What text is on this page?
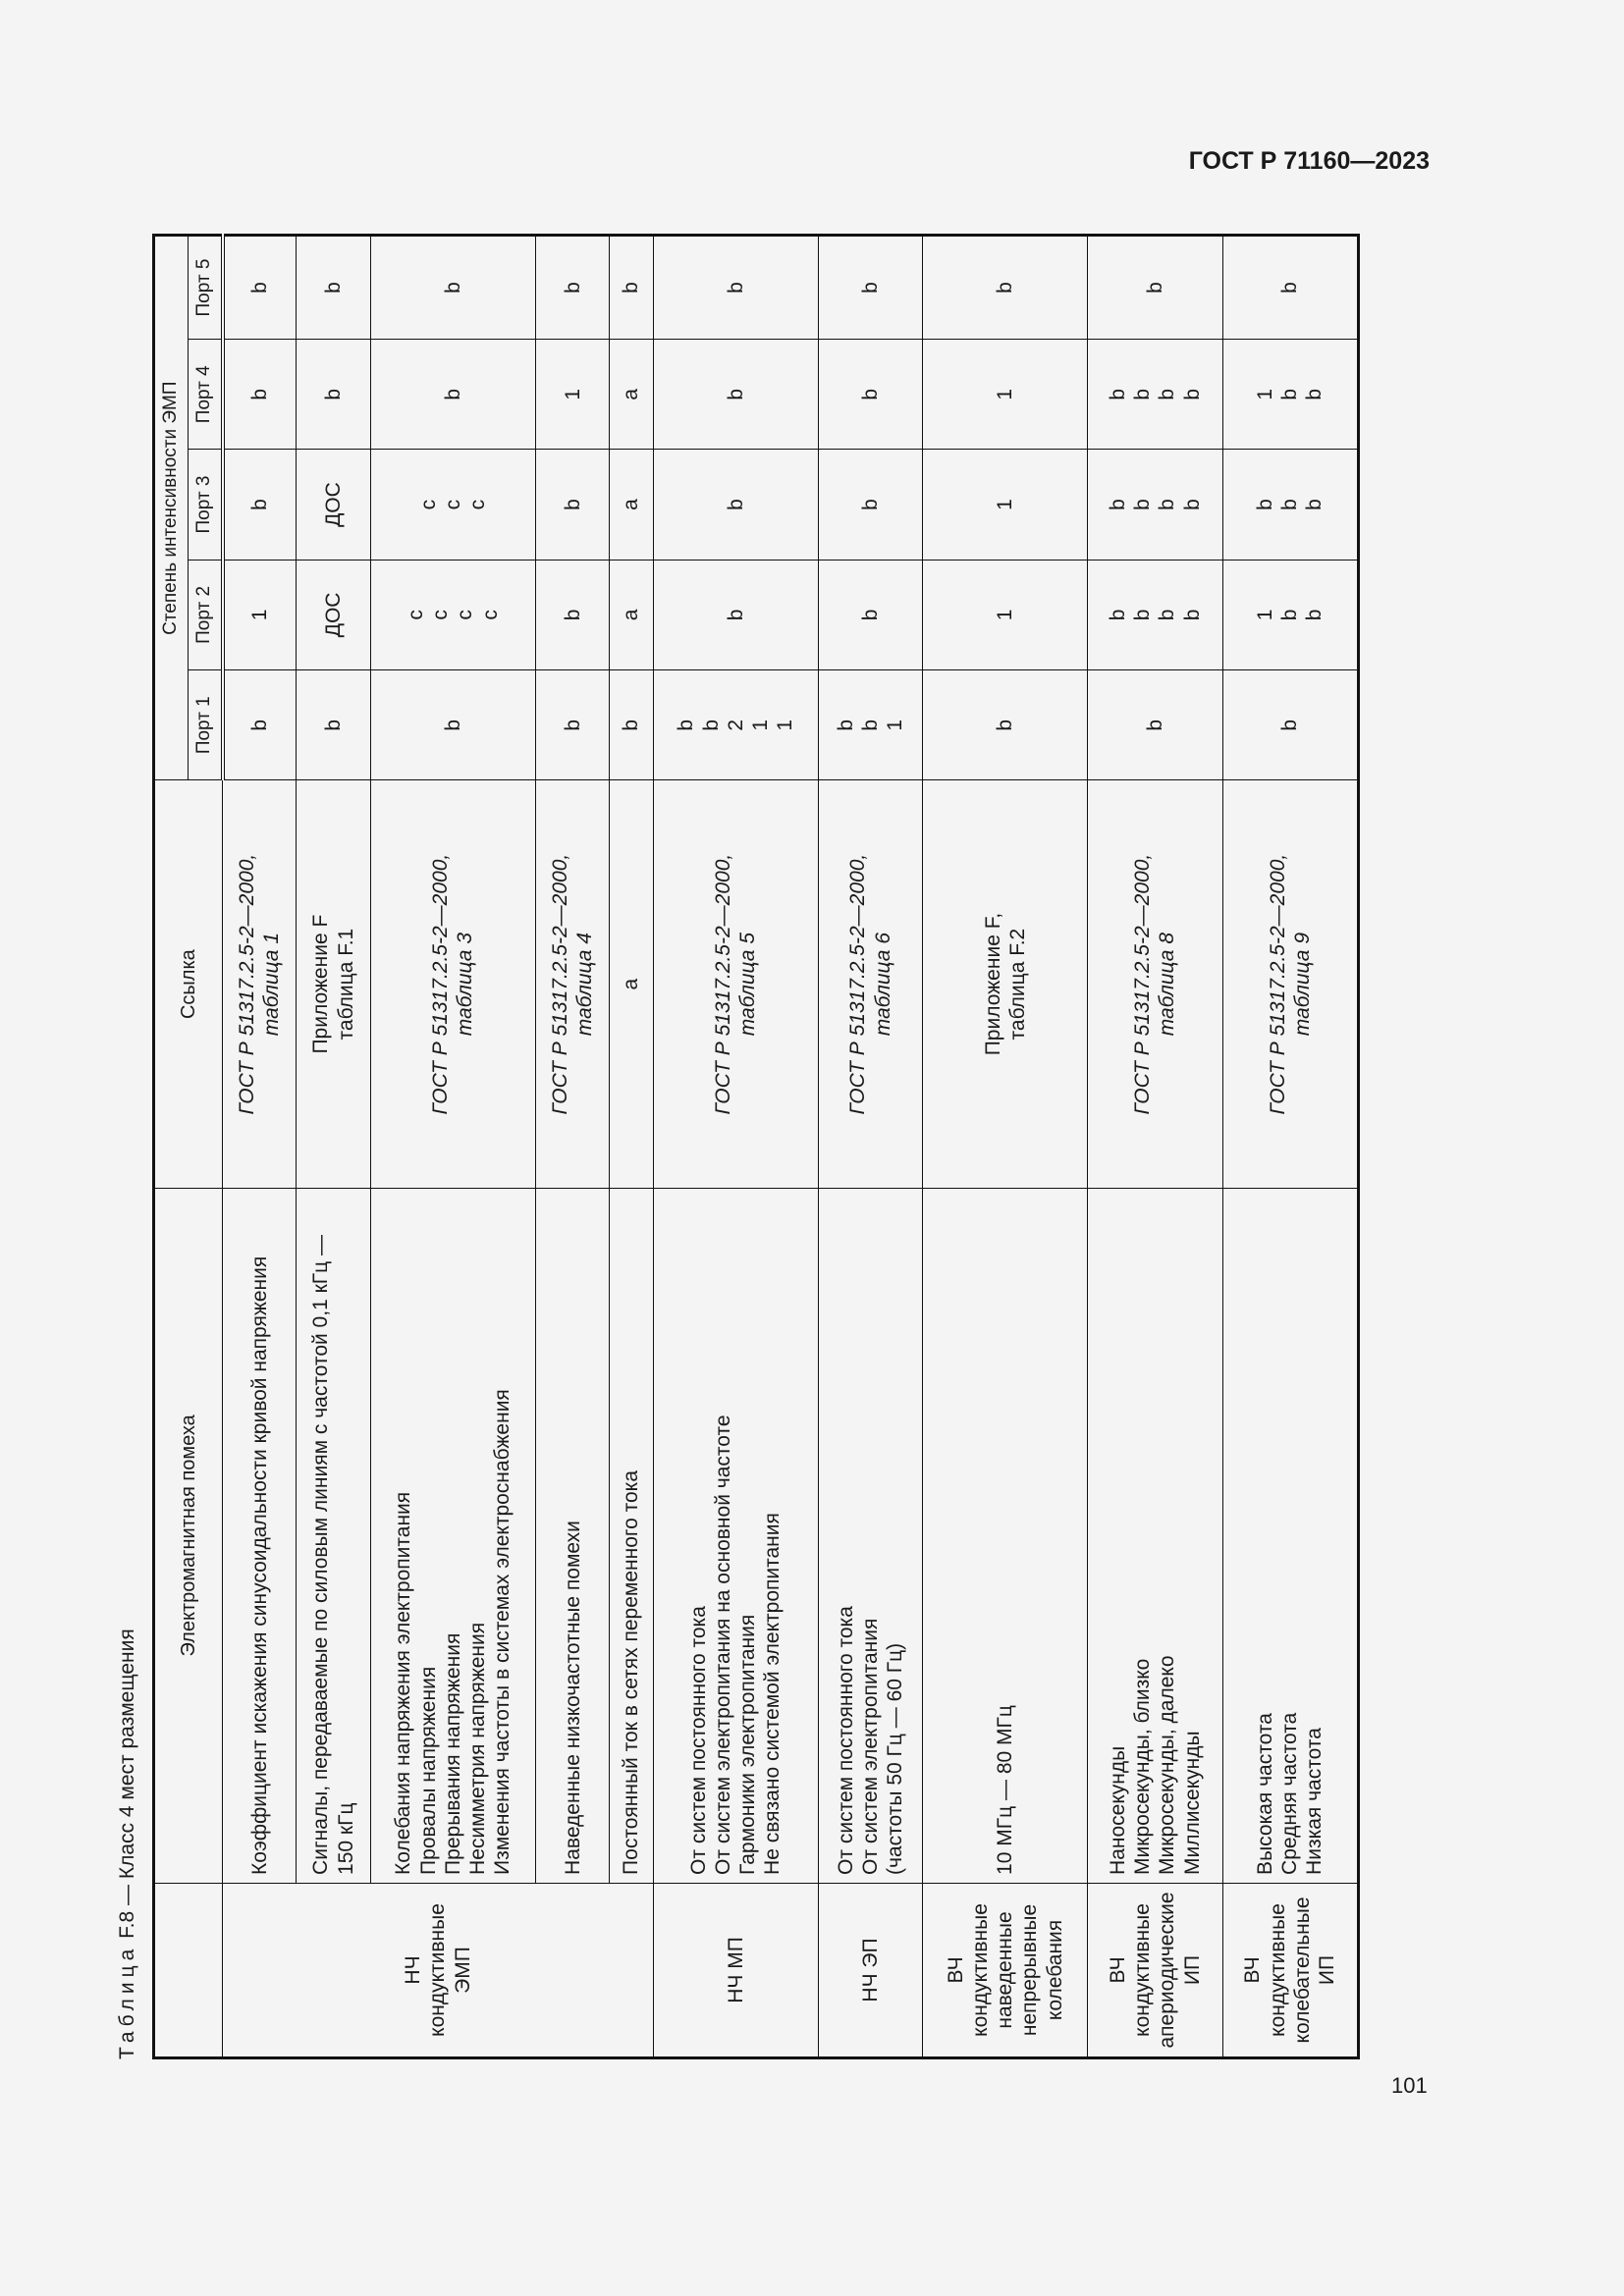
ГОСТ Р 71160—2023
Таблица F.8 — Класс 4 мест размещения
	Электромагнитная помеха	Ссылка	Степень интенсивности ЭМП				
			Порт 1	Порт 2	Порт 3	Порт 4	Порт 5
НЧ кондуктивные ЭМП	Коэффициент искажения синусоидальности кривой напряжения	ГОСТ Р 51317.2.5-2—2000, таблица 1	b	1	b	b	b
	Сигналы, передаваемые по силовым линиям с частотой 0,1 кГц — 150 кГц	Приложение F таблица F.1	b	ДОС	ДОС	b	b

	Колебания напряжения электропитания Провалы напряжения Прерывания напряжения Несимметрия напряжения Изменения частоты в системах электроснабжения	ГОСТ Р 51317.2.5-2—2000, таблица 3	b	c c c c	c c c	b	b
	Наведенные низкочастотные помехи	ГОСТ Р 51317.2.5-2—2000, таблица 4	b	b	b	1	b
	Постоянный ток в сетях переменного тока	a	b	a	a	a	b
НЧ МП	От систем постоянного тока От систем электропитания на основной частоте Гармоники электропитания Не связано системой электропитания	ГОСТ Р 51317.2.5-2—2000, таблица 5	b b 2 1 1	b	b	b	b
НЧ ЭП	От систем постоянного тока От систем электропитания (частоты 50 Гц — 60 Гц)	ГОСТ Р 51317.2.5-2—2000, таблица 6	b b 1	b	b	b	b
ВЧ кондуктивные наведенные непрерывные колебания	10 МГц — 80 МГц	Приложение F, таблица F.2	b	1	1	1	b
ВЧ кондуктивные апериодические ИП	Наносекунды Микросекунды, близко Микросекунды, далеко Миллисекунды	ГОСТ Р 51317.2.5-2—2000, таблица 8	b	b b b b	b b b b	b b b b	b
ВЧ кондуктивные колебательные ИП	Высокая частота Средняя частота Низкая частота	ГОСТ Р 51317.2.5-2—2000, таблица 9	b	1 b b	b b b	1 b b	b
101
